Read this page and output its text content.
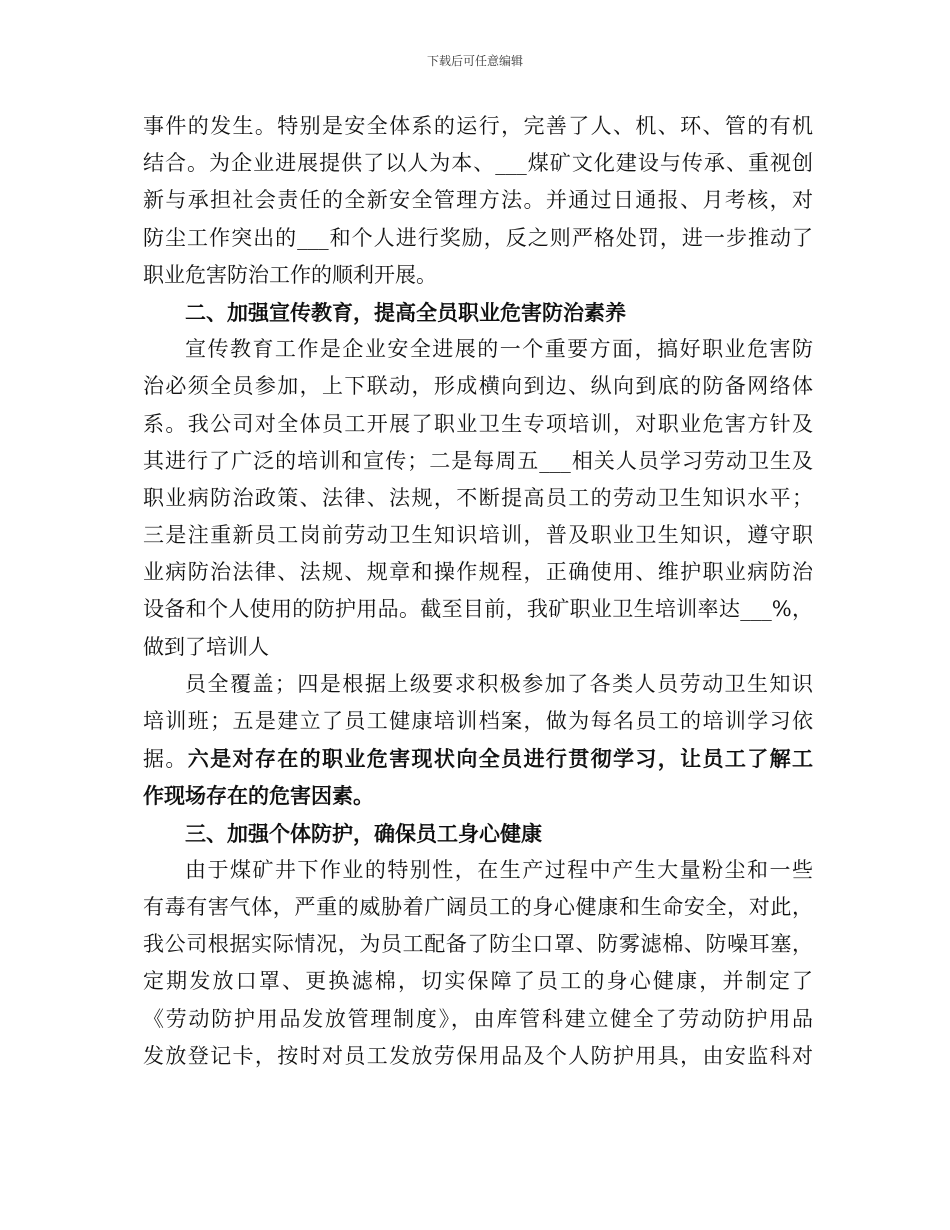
下载后可任意编辑
事件的发生。特别是安全体系的运行，完善了人、机、环、管的有机
结合。为企业进展提供了以人为本、___煤矿文化建设与传承、重视创
新与承担社会责任的全新安全管理方法。并通过日通报、月考核，对
防尘工作突出的___和个人进行奖励，反之则严格处罚，进一步推动了
职业危害防治工作的顺利开展。
二、加强宣传教育，提高全员职业危害防治素养
宣传教育工作是企业安全进展的一个重要方面，搞好职业危害防
治必须全员参加，上下联动，形成横向到边、纵向到底的防备网络体
系。我公司对全体员工开展了职业卫生专项培训，对职业危害方针及
其进行了广泛的培训和宣传；二是每周五___相关人员学习劳动卫生及
职业病防治政策、法律、法规，不断提高员工的劳动卫生知识水平；
三是注重新员工岗前劳动卫生知识培训，普及职业卫生知识，遵守职
业病防治法律、法规、规章和操作规程，正确使用、维护职业病防治
设备和个人使用的防护用品。截至目前，我矿职业卫生培训率达___%，
做到了培训人
员全覆盖；四是根据上级要求积极参加了各类人员劳动卫生知识
培训班；五是建立了员工健康培训档案，做为每名员工的培训学习依
据。六是对存在的职业危害现状向全员进行贯彻学习，让员工了解工
作现场存在的危害因素。
三、加强个体防护，确保员工身心健康
由于煤矿井下作业的特别性，在生产过程中产生大量粉尘和一些
有毒有害气体，严重的威胁着广阔员工的身心健康和生命安全，对此，
我公司根据实际情况，为员工配备了防尘口罩、防雾滤棉、防噪耳塞，
定期发放口罩、更换滤棉，切实保障了员工的身心健康，并制定了
《劳动防护用品发放管理制度》，由库管科建立健全了劳动防护用品
发放登记卡，按时对员工发放劳保用品及个人防护用具，由安监科对
